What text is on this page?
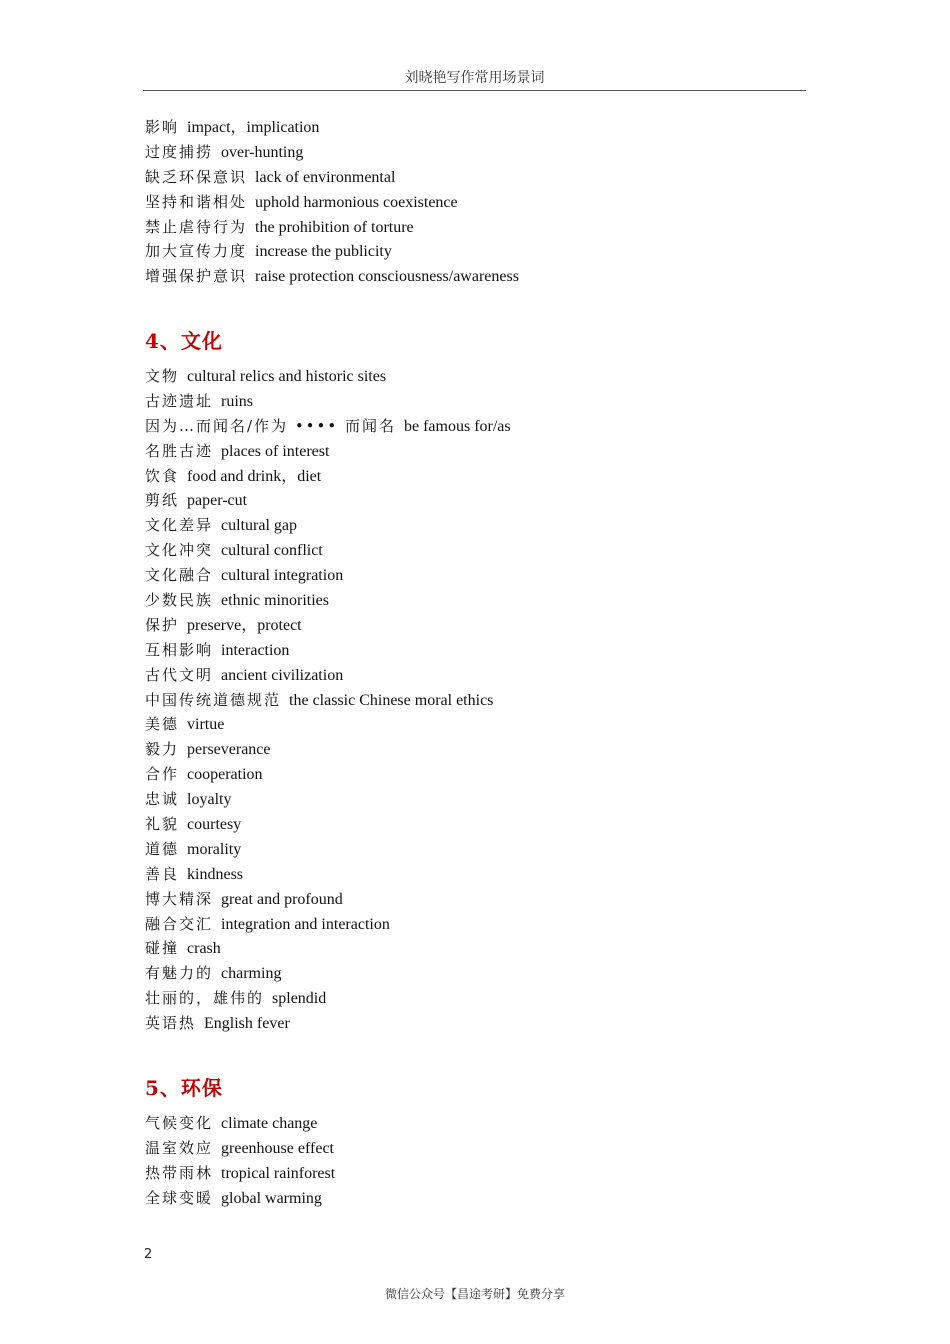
刘晓艳写作常用场景词
影响 impact，implication
过度捕捞 over-hunting
缺乏环保意识 lack of environmental
坚持和谐相处 uphold harmonious coexistence
禁止虐待行为 the prohibition of torture
加大宣传力度 increase the publicity
增强保护意识 raise protection consciousness/awareness
4、文化
文物 cultural relics and historic sites
古迹遗址 ruins
因为…而闻名/作为 •••• 而闻名 be famous for/as
名胜古迹 places of interest
饮食 food and drink，diet
剪纸 paper-cut
文化差异 cultural gap
文化冲突 cultural conflict
文化融合 cultural integration
少数民族 ethnic minorities
保护 preserve，protect
互相影响 interaction
古代文明 ancient civilization
中国传统道德规范 the classic Chinese moral ethics
美德 virtue
毅力 perseverance
合作 cooperation
忠诚 loyalty
礼貌 courtesy
道德 morality
善良 kindness
博大精深 great and profound
融合交汇 integration and interaction
碰撞 crash
有魅力的 charming
壮丽的，雄伟的 splendid
英语热 English fever
5、环保
气候变化 climate change
温室效应 greenhouse effect
热带雨林 tropical rainforest
全球变暖 global warming
2
微信公众号【昌途考研】免费分享
